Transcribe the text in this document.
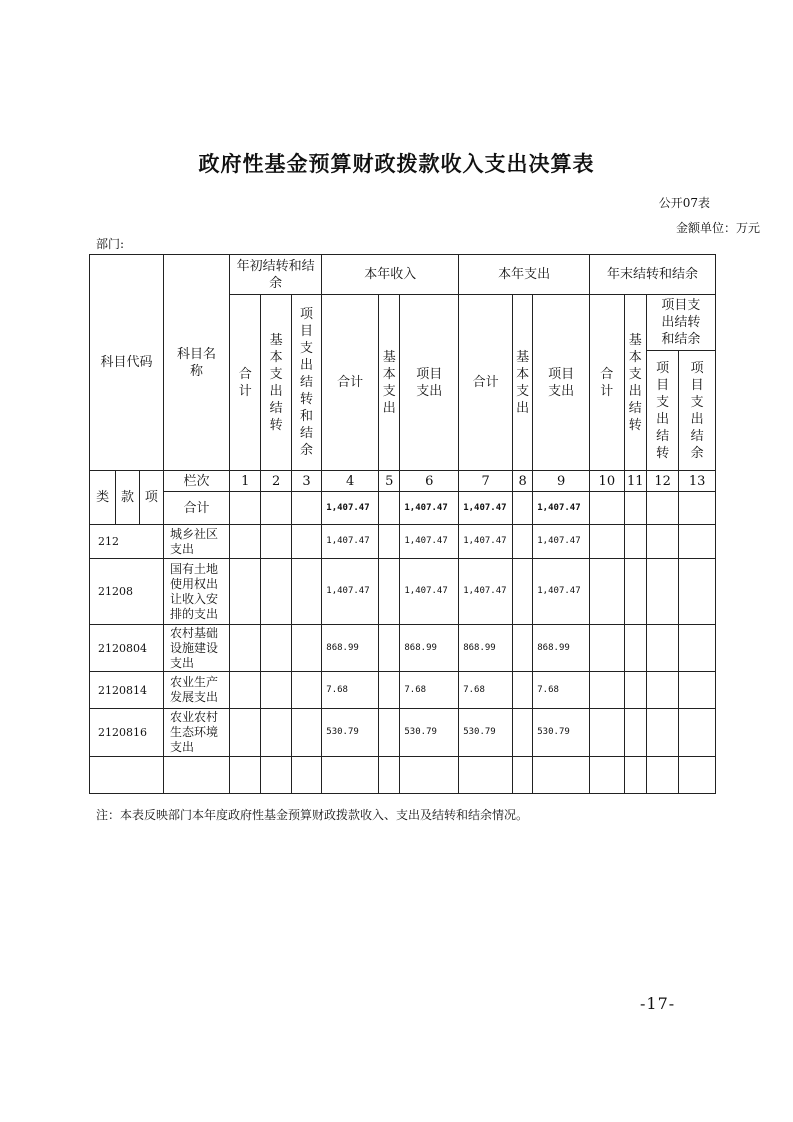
政府性基金预算财政拨款收入支出决算表
公开07表
金额单位：万元
部门:
科目代码			科目名称	年初结转和结余			本年收入			本年支出			年末结转和结余			
				合计	基本支出结转	项目支出结转和结余	合计	基本支出	项目支出	合计	基本支出	项目支出	合计	基本支出结转	项目支出结转和结余	
															项目支出结转	项目支出结余
类	款	项	栏次	1	2	3	4	5	6	7	8	9	10	11	12	13
			合计				1,407.47		1,407.47	1,407.47		1,407.47				
212			城乡社区支出				1,407.47		1,407.47	1,407.47		1,407.47				
21208			国有土地使用权出让收入安排的支出				1,407.47		1,407.47	1,407.47		1,407.47				
2120804			农村基础设施建设支出				868.99		868.99	868.99		868.99				
2120814			农业生产发展支出				7.68		7.68	7.68		7.68				
2120816			农业农村生态环境支出				530.79		530.79	530.79		530.79				

注：本表反映部门本年度政府性基金预算财政拨款收入、支出及结转和结余情况。
-17-
